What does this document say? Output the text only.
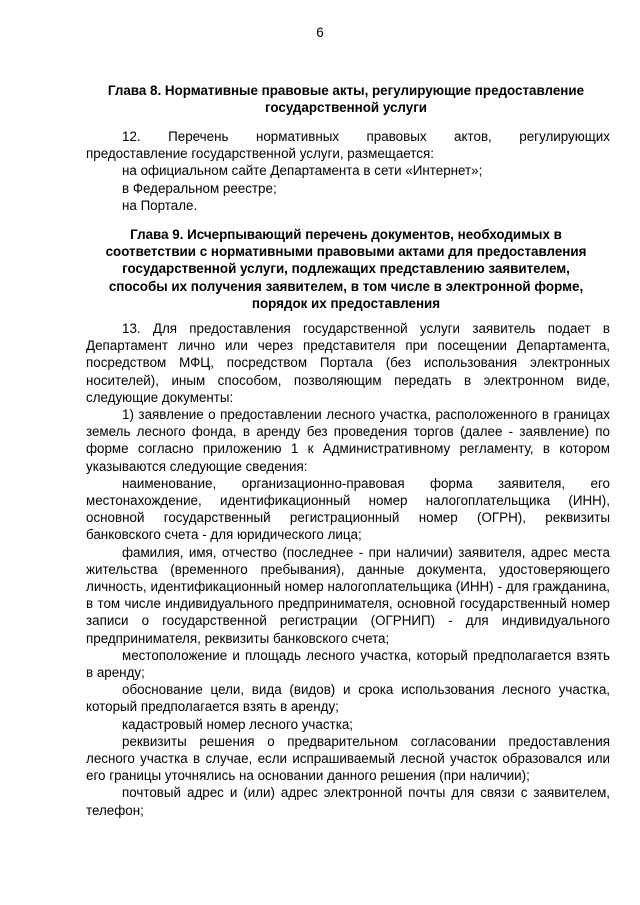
6
Глава 8. Нормативные правовые акты, регулирующие предоставление
государственной услуги

12. Перечень нормативных правовых актов, регулирующих

предоставление государственной услуги, размещается:

на официальном сайте Департамента в сети «Интернет»;

в Федеральном реестре;

на Портале.

Глава 9. Исчерпывающий перечень документов, необходимых в
соответствии с нормативными правовыми актами для предоставления
государственной услуги, подлежащих представлению заявителем,
способы их получения заявителем, в том числе в электронной форме,
порядок их предоставления

13. Для предоставления государственной услуги заявитель подает в Департамент лично или через представителя при посещении Департамента, посредством МФЦ, посредством Портала (без использования электронных носителей), иным способом, позволяющим передать в электронном виде, следующие документы:

1) заявление о предоставлении лесного участка, расположенного в границах земель лесного фонда, в аренду без проведения торгов (далее - заявление) по форме согласно приложению 1 к Административному регламенту, в котором указываются следующие сведения:

наименование, организационно-правовая форма заявителя, его местонахождение, идентификационный номер налогоплательщика (ИНН), основной государственный регистрационный номер (ОГРН), реквизиты банковского счета - для юридического лица;

фамилия, имя, отчество (последнее - при наличии) заявителя, адрес места жительства (временного пребывания), данные документа, удостоверяющего личность, идентификационный номер налогоплательщика (ИНН) - для гражданина, в том числе индивидуального предпринимателя, основной государственный номер записи о государственной регистрации (ОГРНИП) - для индивидуального предпринимателя, реквизиты банковского счета;

местоположение и площадь лесного участка, который предполагается взять в аренду;

обоснование цели, вида (видов) и срока использования лесного участка, который предполагается взять в аренду;

кадастровый номер лесного участка;

реквизиты решения о предварительном согласовании предоставления лесного участка в случае, если испрашиваемый лесной участок образовался или его границы уточнялись на основании данного решения (при наличии);

почтовый адрес и (или) адрес электронной почты для связи с заявителем, телефон;
